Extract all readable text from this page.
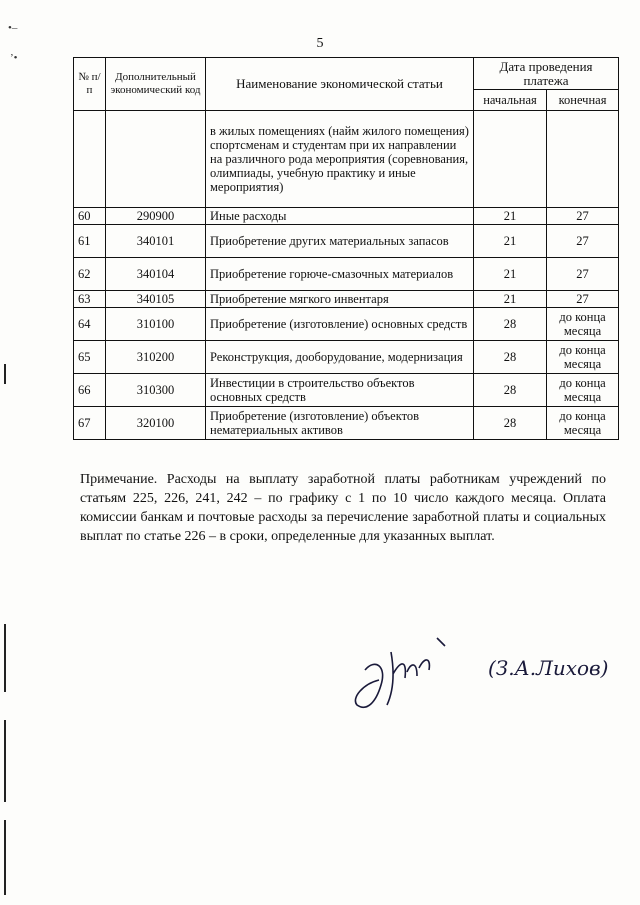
5
•–
ʼ•
№ п/п	Дополнительный экономический код	Наименование экономической статьи	Дата проведения платежа	
			начальная	конечная
		в жилых помещениях (найм жилого помещения) спортсменам и студентам при их направлении на различного рода мероприятия (соревнования, олимпиады, учебную практику и иные мероприятия)		
60	290900	Иные расходы	21	27
61	340101	Приобретение других материальных запасов	21	27
62	340104	Приобретение горюче-смазочных материалов	21	27
63	340105	Приобретение мягкого инвентаря	21	27
64	310100	Приобретение (изготовление) основных средств	28	до конца месяца
65	310200	Реконструкция, дооборудование, модернизация	28	до конца месяца
66	310300	Инвестиции в строительство объектов основных средств	28	до конца месяца
67	320100	Приобретение (изготовление) объектов нематериальных активов	28	до конца месяца

Примечание. Расходы на выплату заработной платы работникам учреждений по статьям 225, 226, 241, 242 – по графику с 1 по 10 число каждого месяца. Оплата комиссии банкам и почтовые расходы за перечисление заработной платы и социальных выплат по статье 226 – в сроки, определенные для указанных выплат.

(З.А.Лихов)
